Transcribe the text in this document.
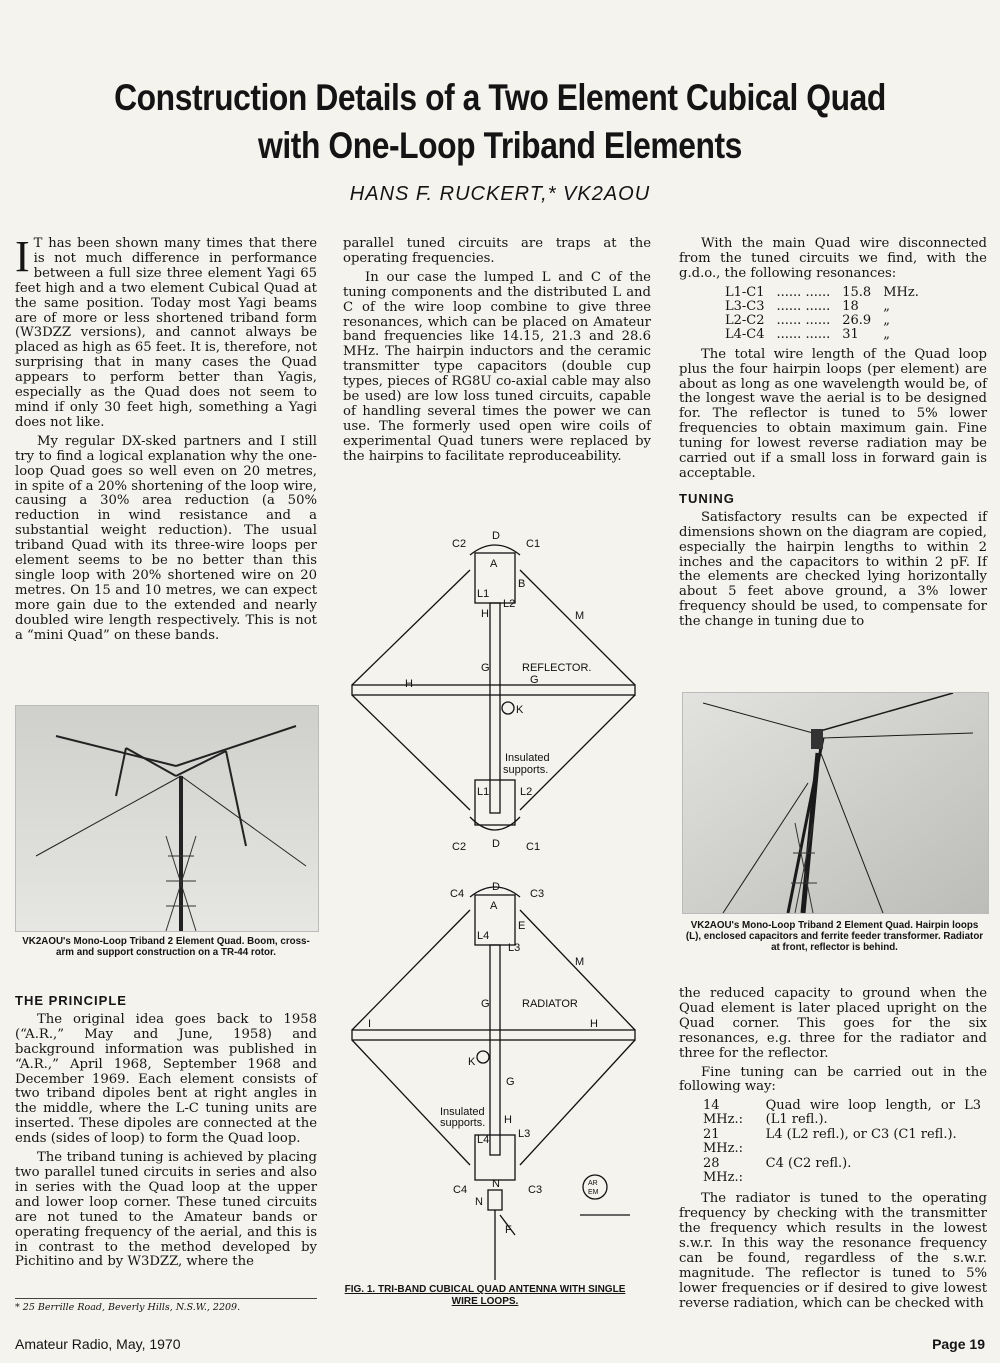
Construction Details of a Two Element Cubical Quad
with One-Loop Triband Elements
HANS F. RUCKERT,* VK2AOU

I T has been shown many times that there is not much difference in performance between a full size three element Yagi 65 feet high and a two element Cubical Quad at the same position. Today most Yagi beams are of more or less shortened triband form (W3DZZ versions), and cannot always be placed as high as 65 feet. It is, therefore, not surprising that in many cases the Quad appears to perform better than Yagis, especially as the Quad does not seem to mind if only 30 feet high, something a Yagi does not like.

My regular DX-sked partners and I still try to find a logical explanation why the one-loop Quad goes so well even on 20 metres, in spite of a 20% shortening of the loop wire, causing a 30% area reduction (a 50% reduction in wind resistance and a substantial weight reduction). The usual triband Quad with its three-wire loops per element seems to be no better than this single loop with 20% shortened wire on 20 metres. On 15 and 10 metres, we can expect more gain due to the extended and nearly doubled wire length respectively. This is not a “mini Quad” on these bands.

VK2AOU's Mono-Loop Triband 2 Element Quad. Boom, cross-arm and support construction on a TR-44 rotor.
THE PRINCIPLE

The original idea goes back to 1958 (“A.R.,” May and June, 1958) and background information was published in “A.R.,” April 1968, September 1968 and December 1969. Each element consists of two triband dipoles bent at right angles in the middle, where the L-C tuning units are inserted. These dipoles are connected at the ends (sides of loop) to form the Quad loop.

The triband tuning is achieved by placing two parallel tuned circuits in series and also in series with the Quad loop at the upper and lower loop corner. These tuned circuits are not tuned to the Amateur bands or operating frequency of the aerial, and this is in contrast to the method developed by Pichitino and by W3DZZ, where the

* 25 Berrille Road, Beverly Hills, N.S.W., 2209.

parallel tuned circuits are traps at the operating frequencies.

In our case the lumped L and C of the tuning components and the distributed L and C of the wire loop combine to give three resonances, which can be placed on Amateur band frequencies like 14.15, 21.3 and 28.6 MHz. The hairpin inductors and the ceramic transmitter type capacitors (double cup types, pieces of RG8U co-axial cable may also be used) are low loss tuned circuits, capable of handling several times the power we can use. The formerly used open wire coils of experimental Quad tuners were replaced by the hairpins to facilitate reproduceability.

D
C2	C1
A
B
L1
L2
H	M
G	REFLECTOR.
H	G
K
Insulated
supports.
L1	L2
C2	C1
D
D
C4	C3
A
E
L4
L3
M
G	RADIATOR
I	H
K
G
Insulated
supports. H
L4	L3
C4	C3
N
N
F
AR
EM
FIG. 1. TRI-BAND CUBICAL QUAD ANTENNA WITH SINGLE WIRE LOOPS.

With the main Quad wire disconnected from the tuned circuits we find, with the g.d.o., the following resonances:

L1-C1	...... ......	15.8	MHz.
L3-C3	...... ......	18	„
L2-C2	...... ......	26.9	„
L4-C4	...... ......	31	„

The total wire length of the Quad loop plus the four hairpin loops (per element) are about as long as one wavelength would be, of the longest wave the aerial is to be designed for. The reflector is tuned to 5% lower frequencies to obtain maximum gain. Fine tuning for lowest reverse radiation may be carried out if a small loss in forward gain is acceptable.

TUNING

Satisfactory results can be expected if dimensions shown on the diagram are copied, especially the hairpin lengths to within 2 inches and the capacitors to within 2 pF. If the elements are checked lying horizontally about 5 feet above ground, a 3% lower frequency should be used, to compensate for the change in tuning due to

VK2AOU's Mono-Loop Triband 2 Element Quad. Hairpin loops (L), enclosed capacitors and ferrite feeder transformer. Radiator at front, reflector is behind.

the reduced capacity to ground when the Quad element is later placed upright on the Quad corner. This goes for the six resonances, e.g. three for the radiator and three for the reflector.

Fine tuning can be carried out in the following way:

14 MHz.:	Quad wire loop length, or L3 (L1 refl.).
21 MHz.:	L4 (L2 refl.), or C3 (C1 refl.).
28 MHz.:	C4 (C2 refl.).

The radiator is tuned to the operating frequency by checking with the transmitter the frequency which results in the lowest s.w.r. In this way the resonance frequency can be found, regardless of the s.w.r. magnitude. The reflector is tuned to 5% lower frequencies or if desired to give lowest reverse radiation, which can be checked with

Amateur Radio, May, 1970	Page 19
